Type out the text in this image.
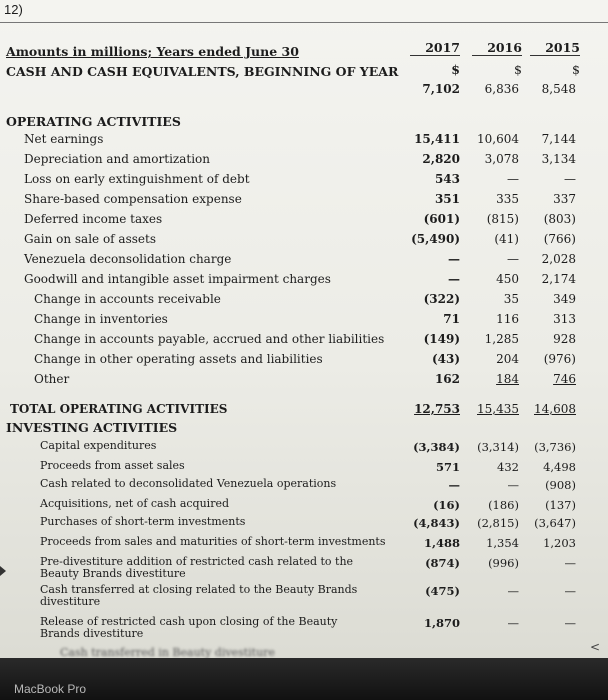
12)
Amounts in millions; Years ended June 30
CASH AND CASH EQUIVALENTS, BEGINNING OF YEAR
2017	2016	2015
$	$	$
7,102	6,836	8,548
OPERATING ACTIVITIES
Net earnings	15,411	10,604	7,144
Depreciation and amortization	2,820	3,078	3,134
Loss on early extinguishment of debt	543	—	—
Share-based compensation expense	351	335	337
Deferred income taxes	(601)	(815)	(803)
Gain on sale of assets	(5,490)	(41)	(766)
Venezuela deconsolidation charge	—	—	2,028
Goodwill and intangible asset impairment charges	—	450	2,174
Change in accounts receivable	(322)	35	349
Change in inventories	71	116	313
Change in accounts payable, accrued and other liabilities	(149)	1,285	928
Change in other operating assets and liabilities	(43)	204	(976)
Other	162	184	746
TOTAL OPERATING ACTIVITIES	12,753	15,435	14,608
INVESTING ACTIVITIES
Capital expenditures	(3,384)	(3,314)	(3,736)
Proceeds from asset sales	571	432	4,498
Cash related to deconsolidated Venezuela operations	—	—	(908)
Acquisitions, net of cash acquired	(16)	(186)	(137)
Purchases of short-term investments	(4,843)	(2,815)	(3,647)
Proceeds from sales and maturities of short-term investments	1,488	1,354	1,203
Pre-divestiture addition of restricted cash related to the Beauty Brands divestiture
(874)	(996)	—
Cash transferred at closing related to the Beauty Brands divestiture
(475)	—	—
Release of restricted cash upon closing of the Beauty Brands divestiture
1,870	—	—
Cash transferred in Beauty divestiture	<
MacBook Pro
